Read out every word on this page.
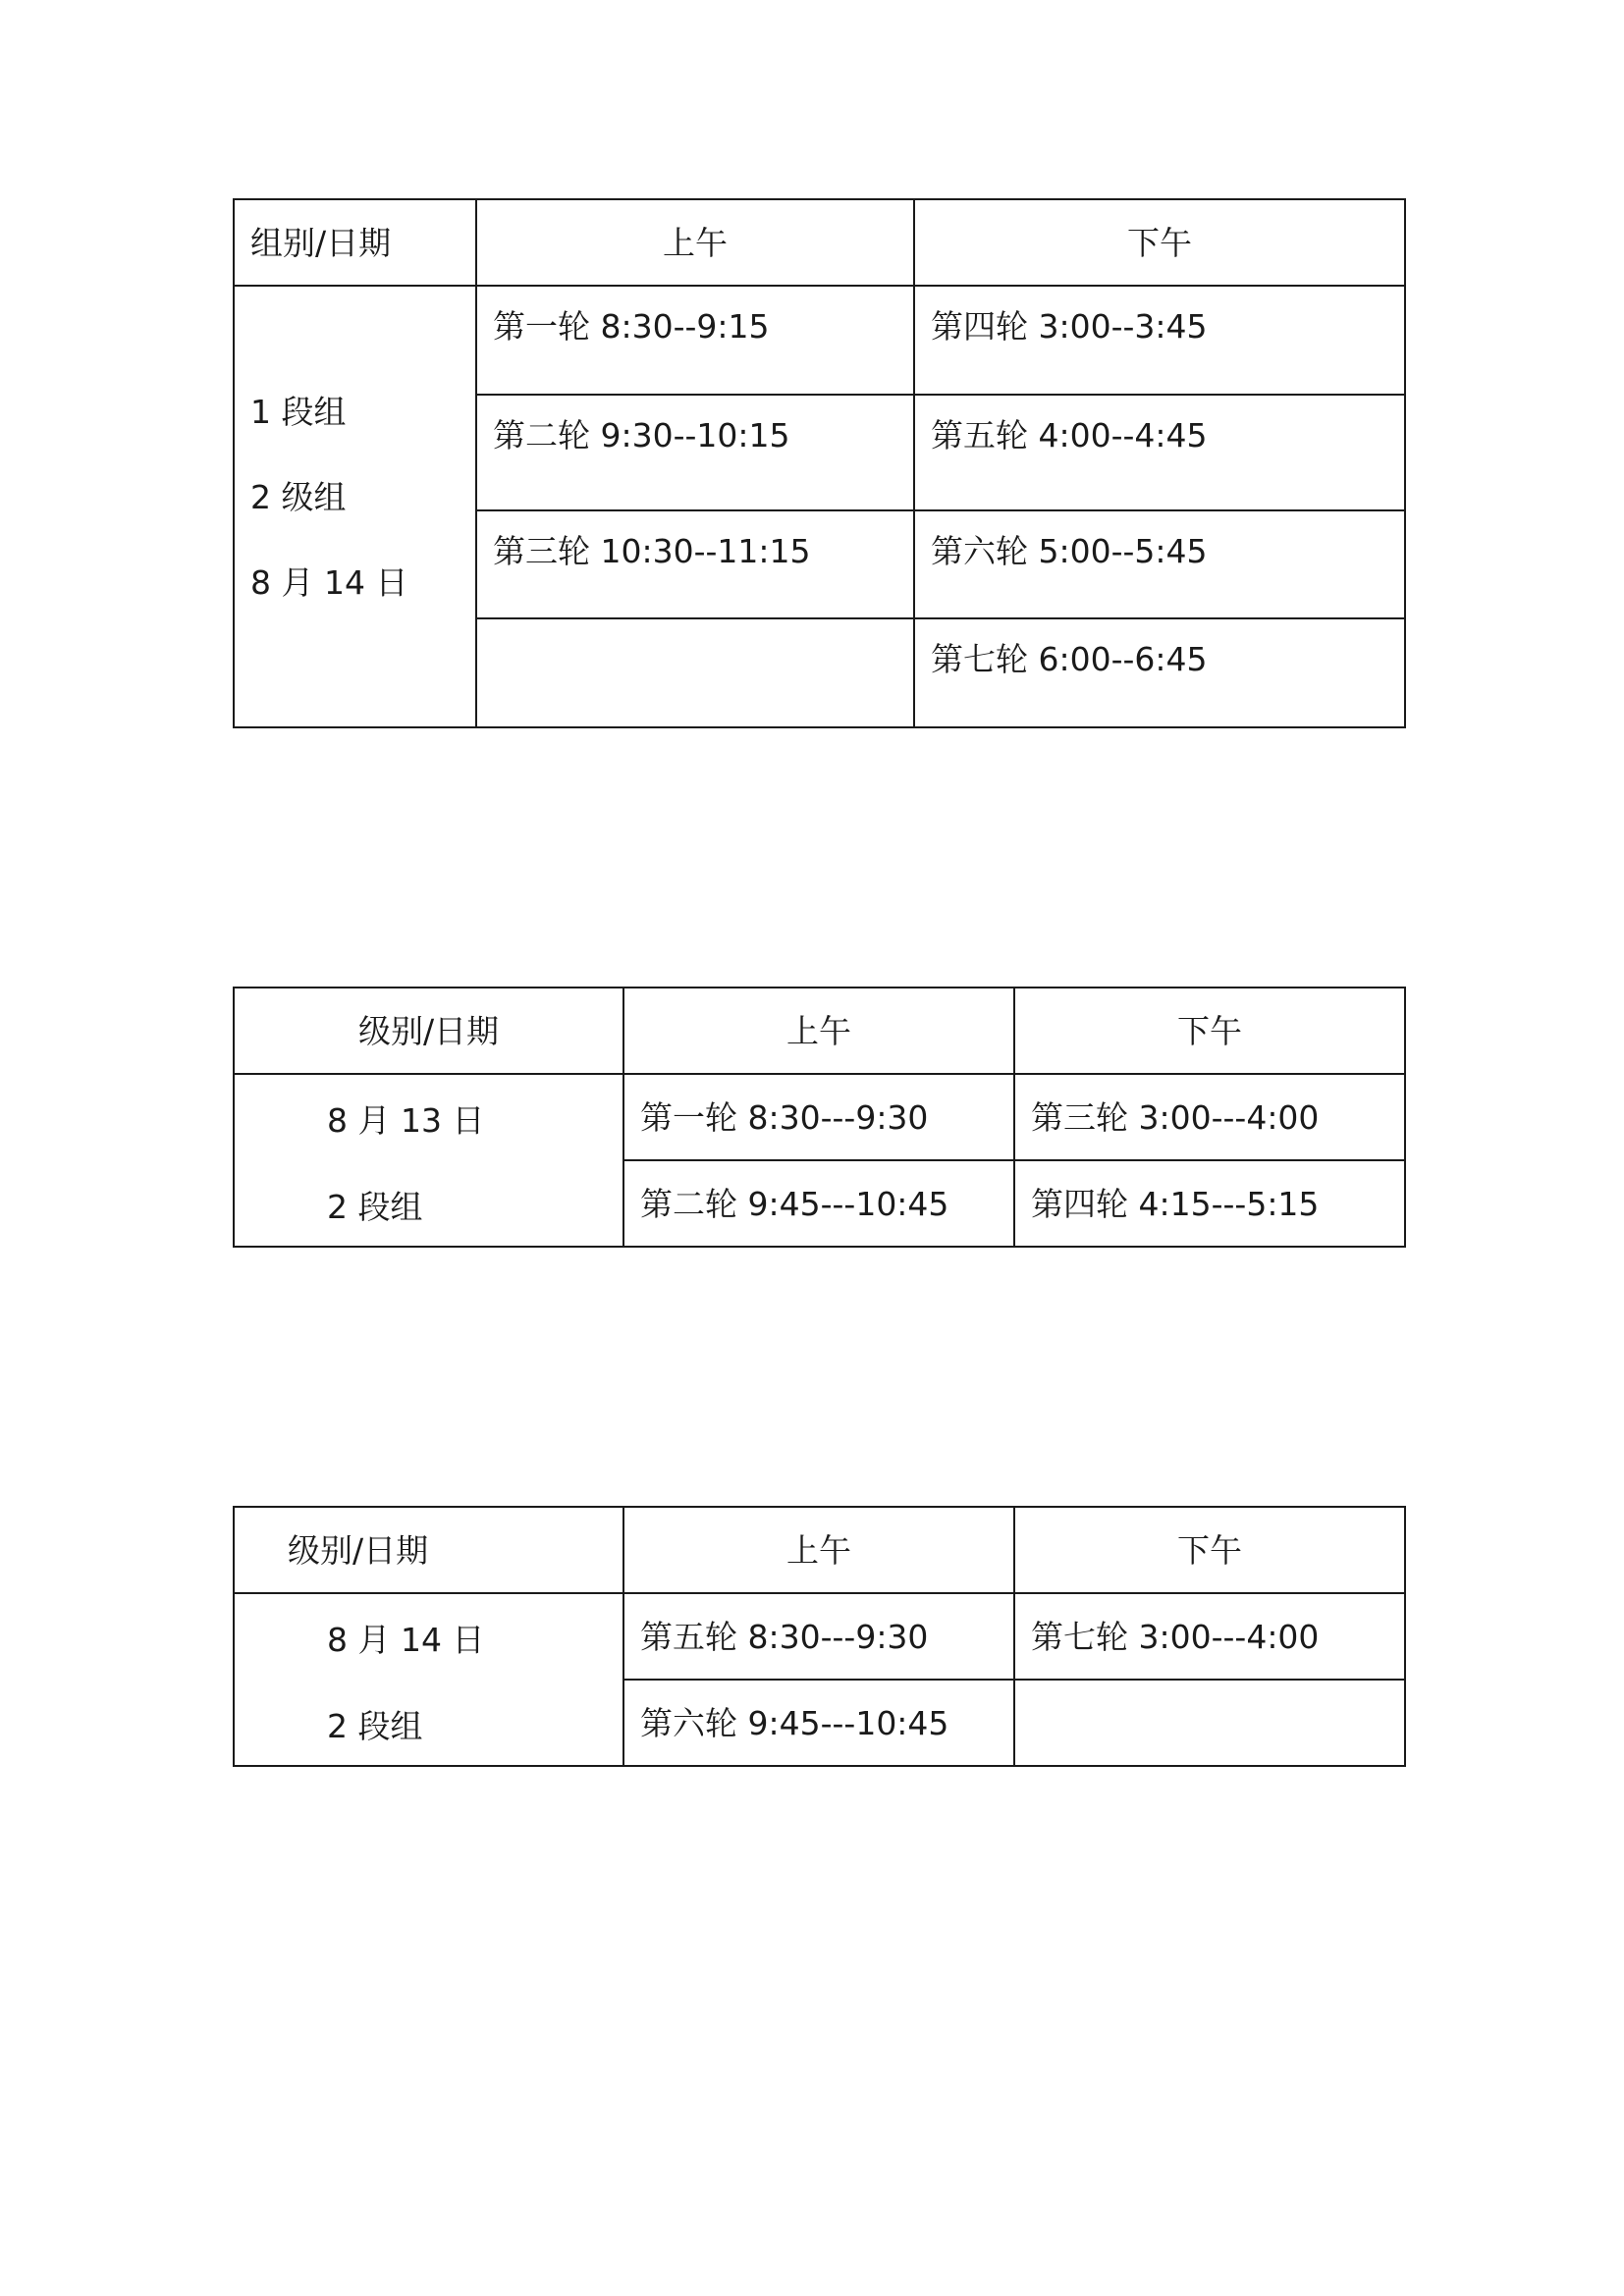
组别/日期	上午	下午

1 段组
2 级组
8 月 14 日	第一轮 8:30--9:15	第四轮 3:00--3:45
	第二轮 9:30--10:15	第五轮 4:00--4:45
	第三轮 10:30--11:15	第六轮 5:00--5:45
		第七轮 6:00--6:45
级别/日期	上午	下午

8 月 13 日
2 段组	第一轮 8:30---9:30	第三轮 3:00---4:00
	第二轮 9:45---10:45	第四轮 4:15---5:15
级别/日期	上午	下午

8 月 14 日
2 段组	第五轮 8:30---9:30	第七轮 3:00---4:00
	第六轮 9:45---10:45	
